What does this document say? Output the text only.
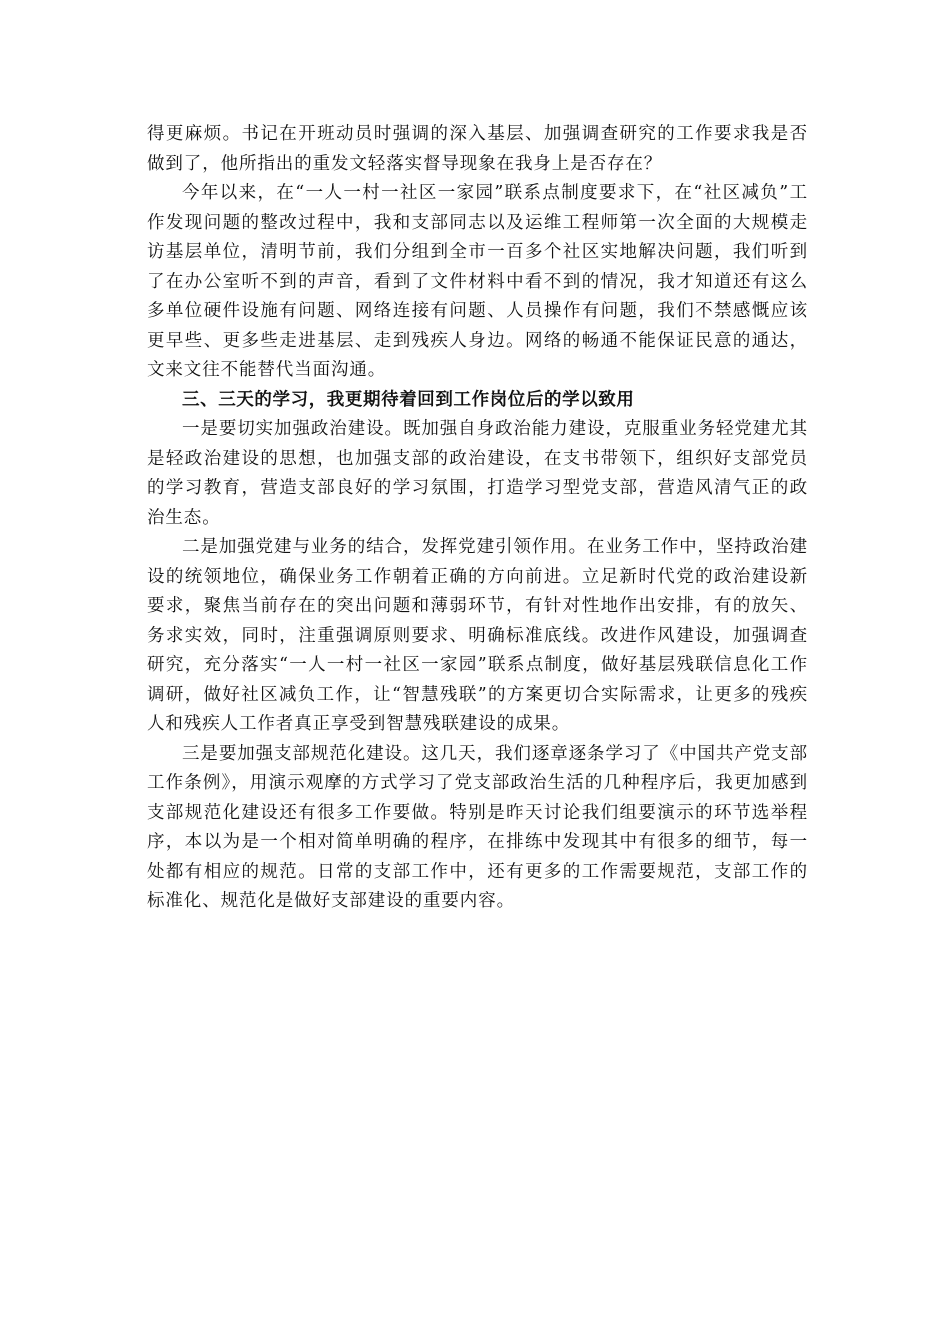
得更麻烦。书记在开班动员时强调的深入基层、加强调查研究的工作要求我是否做到了，他所指出的重发文轻落实督导现象在我身上是否存在？

今年以来，在“一人一村一社区一家园”联系点制度要求下，在“社区减负”工作发现问题的整改过程中，我和支部同志以及运维工程师第一次全面的大规模走访基层单位，清明节前，我们分组到全市一百多个社区实地解决问题，我们听到了在办公室听不到的声音，看到了文件材料中看不到的情况，我才知道还有这么多单位硬件设施有问题、网络连接有问题、人员操作有问题，我们不禁感慨应该更早些、更多些走进基层、走到残疾人身边。网络的畅通不能保证民意的通达，文来文往不能替代当面沟通。

三、三天的学习，我更期待着回到工作岗位后的学以致用

一是要切实加强政治建设。既加强自身政治能力建设，克服重业务轻党建尤其是轻政治建设的思想，也加强支部的政治建设，在支书带领下，组织好支部党员的学习教育，营造支部良好的学习氛围，打造学习型党支部，营造风清气正的政治生态。

二是加强党建与业务的结合，发挥党建引领作用。在业务工作中，坚持政治建设的统领地位，确保业务工作朝着正确的方向前进。立足新时代党的政治建设新要求，聚焦当前存在的突出问题和薄弱环节，有针对性地作出安排，有的放矢、务求实效，同时，注重强调原则要求、明确标准底线。改进作风建设，加强调查研究，充分落实“一人一村一社区一家园”联系点制度，做好基层残联信息化工作调研，做好社区减负工作，让“智慧残联”的方案更切合实际需求，让更多的残疾人和残疾人工作者真正享受到智慧残联建设的成果。

三是要加强支部规范化建设。这几天，我们逐章逐条学习了《中国共产党支部工作条例》，用演示观摩的方式学习了党支部政治生活的几种程序后，我更加感到支部规范化建设还有很多工作要做。特别是昨天讨论我们组要演示的环节选举程序，本以为是一个相对简单明确的程序，在排练中发现其中有很多的细节，每一处都有相应的规范。日常的支部工作中，还有更多的工作需要规范，支部工作的标准化、规范化是做好支部建设的重要内容。
